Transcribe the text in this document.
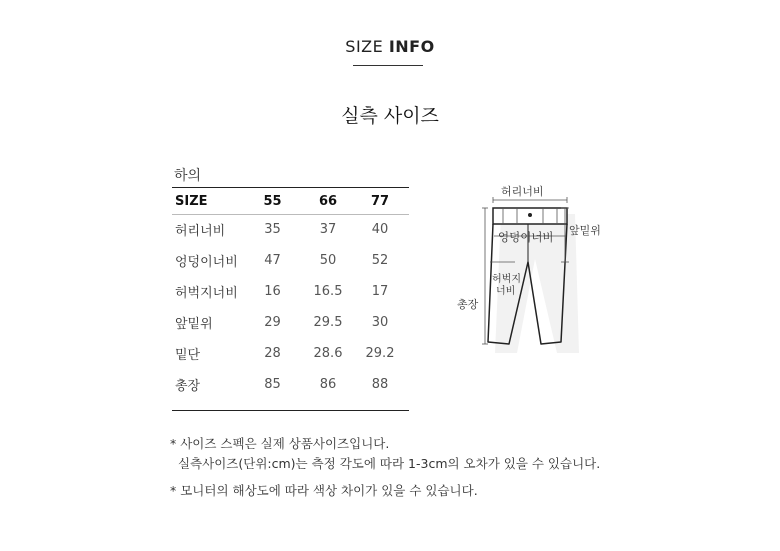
SIZE INFO
실측 사이즈
하의
SIZE	55	66	77
허리너비	35	37	40
엉덩이너비	47	50	52
허벅지너비	16	16.5	17
앞밑위	29	29.5	30
밑단	28	28.6	29.2
총장	85	86	88
허리너비
엉덩이너비
허벅지
너비
앞밑위
총장
* 사이즈 스펙은 실제 상품사이즈입니다.
실측사이즈(단위:cm)는 측정 각도에 따라 1-3cm의 오차가 있을 수 있습니다.
* 모니터의 해상도에 따라 색상 차이가 있을 수 있습니다.
